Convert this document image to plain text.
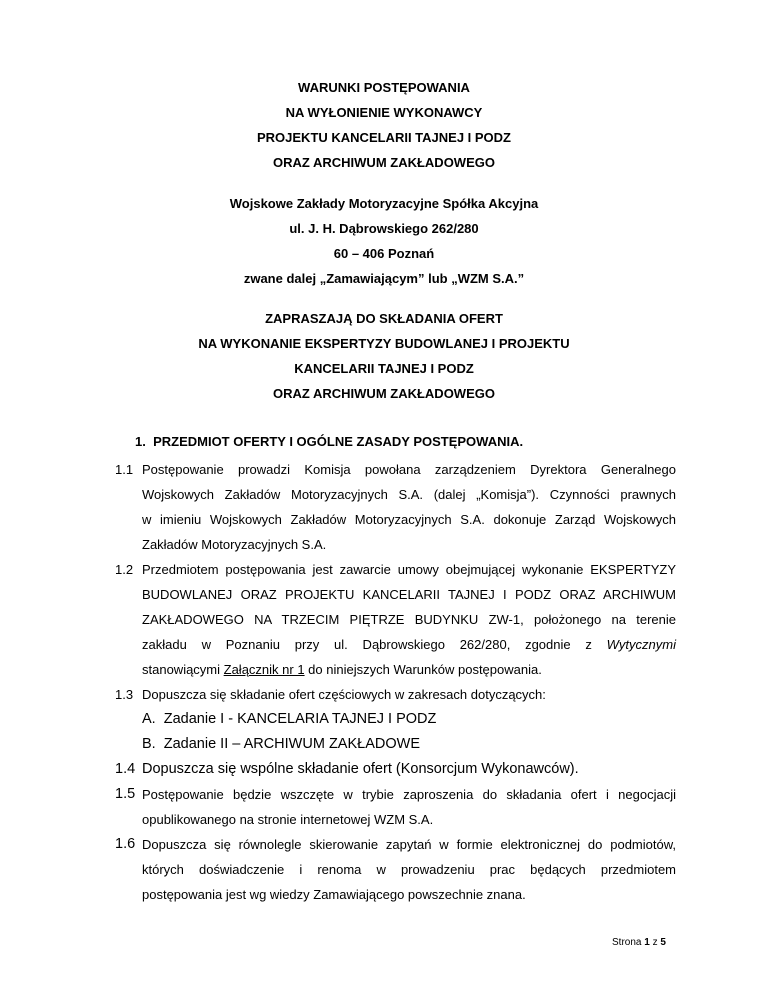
WARUNKI POSTĘPOWANIA
NA WYŁONIENIE WYKONAWCY
PROJEKTU KANCELARII TAJNEJ I PODZ
ORAZ ARCHIWUM ZAKŁADOWEGO
Wojskowe Zakłady Motoryzacyjne Spółka Akcyjna
ul. J. H. Dąbrowskiego 262/280
60 – 406 Poznań
zwane dalej „Zamawiającym” lub „WZM S.A.”
ZAPRASZAJĄ DO SKŁADANIA OFERT
NA WYKONANIE EKSPERTYZY BUDOWLANEJ I PROJEKTU
KANCELARII TAJNEJ I PODZ
ORAZ ARCHIWUM ZAKŁADOWEGO
1.  PRZEDMIOT OFERTY I OGÓLNE ZASADY POSTĘPOWANIA.
1.1 Postępowanie prowadzi Komisja powołana zarządzeniem Dyrektora Generalnego
Wojskowych Zakładów Motoryzacyjnych S.A. (dalej „Komisja”). Czynności prawnych
w imieniu Wojskowych Zakładów Motoryzacyjnych S.A. dokonuje Zarząd Wojskowych
Zakładów Motoryzacyjnych S.A.
1.2 Przedmiotem postępowania jest zawarcie umowy obejmującej wykonanie EKSPERTYZY
BUDOWLANEJ ORAZ PROJEKTU KANCELARII TAJNEJ I PODZ ORAZ ARCHIWUM
ZAKŁADOWEGO NA TRZECIM PIĘTRZE BUDYNKU ZW-1, położonego na terenie
zakładu w Poznaniu przy ul. Dąbrowskiego 262/280, zgodnie z Wytycznymi
stanowiącymi Załącznik nr 1 do niniejszych Warunków postępowania.
1.3 Dopuszcza się składanie ofert częściowych w zakresach dotyczących:
A.  Zadanie I - KANCELARIA TAJNEJ I PODZ
B.  Zadanie II – ARCHIWUM ZAKŁADOWE
1.4 Dopuszcza się wspólne składanie ofert (Konsorcjum Wykonawców).
1.5 Postępowanie będzie wszczęte w trybie zaproszenia do składania ofert i negocjacji
opublikowanego na stronie internetowej WZM S.A.
1.6 Dopuszcza się równolegle skierowanie zapytań w formie elektronicznej do podmiotów,
których doświadczenie i renoma w prowadzeniu prac będących przedmiotem
postępowania jest wg wiedzy Zamawiającego powszechnie znana.
Strona 1 z 5
